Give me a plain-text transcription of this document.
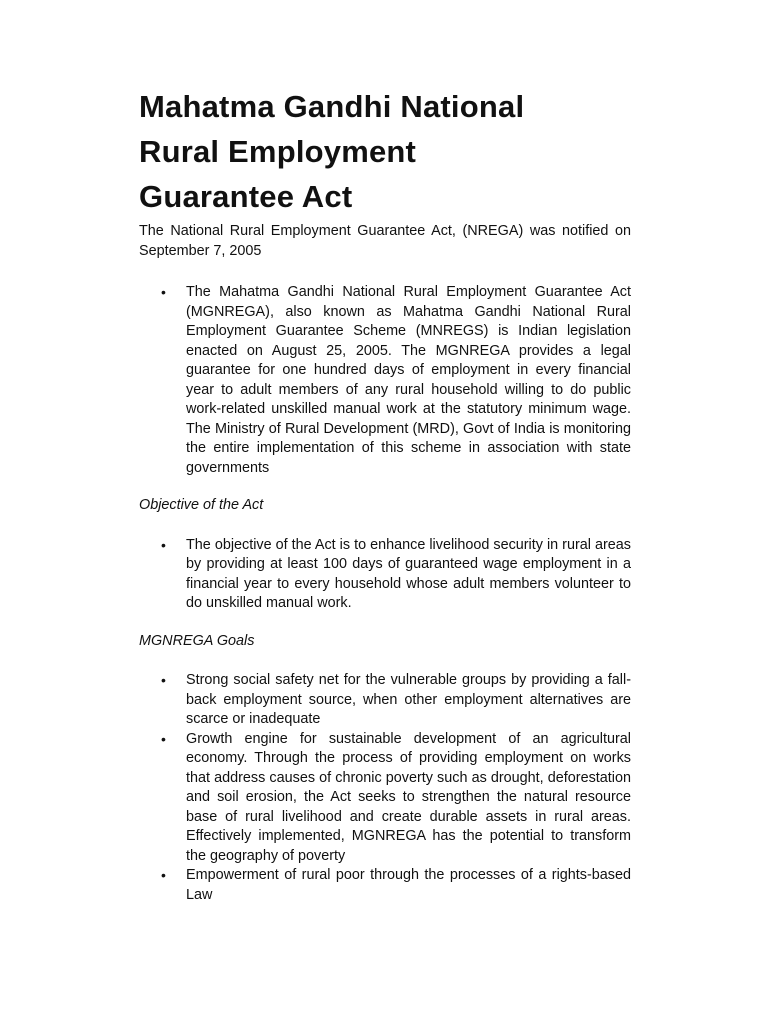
Mahatma Gandhi National
Rural Employment
Guarantee Act

The National Rural Employment Guarantee Act, (NREGA) was notified on September 7, 2005

• The Mahatma Gandhi National Rural Employment Guarantee Act (MGNREGA), also known as Mahatma Gandhi National Rural Employment Guarantee Scheme (MNREGS) is Indian legislation enacted on August 25, 2005. The MGNREGA provides a legal guarantee for one hundred days of employment in every financial year to adult members of any rural household willing to do public work-related unskilled manual work at the statutory minimum wage. The Ministry of Rural Development (MRD), Govt of India is monitoring the entire implementation of this scheme in association with state governments

Objective of the Act

• The objective of the Act is to enhance livelihood security in rural areas by providing at least 100 days of guaranteed wage employment in a financial year to every household whose adult members volunteer to do unskilled manual work.

MGNREGA Goals

• Strong social safety net for the vulnerable groups by providing a fall-back employment source, when other employment alternatives are scarce or inadequate
• Growth engine for sustainable development of an agricultural economy. Through the process of providing employment on works that address causes of chronic poverty such as drought, deforestation and soil erosion, the Act seeks to strengthen the natural resource base of rural livelihood and create durable assets in rural areas. Effectively implemented, MGNREGA has the potential to transform the geography of poverty
• Empowerment of rural poor through the processes of a rights-based Law
